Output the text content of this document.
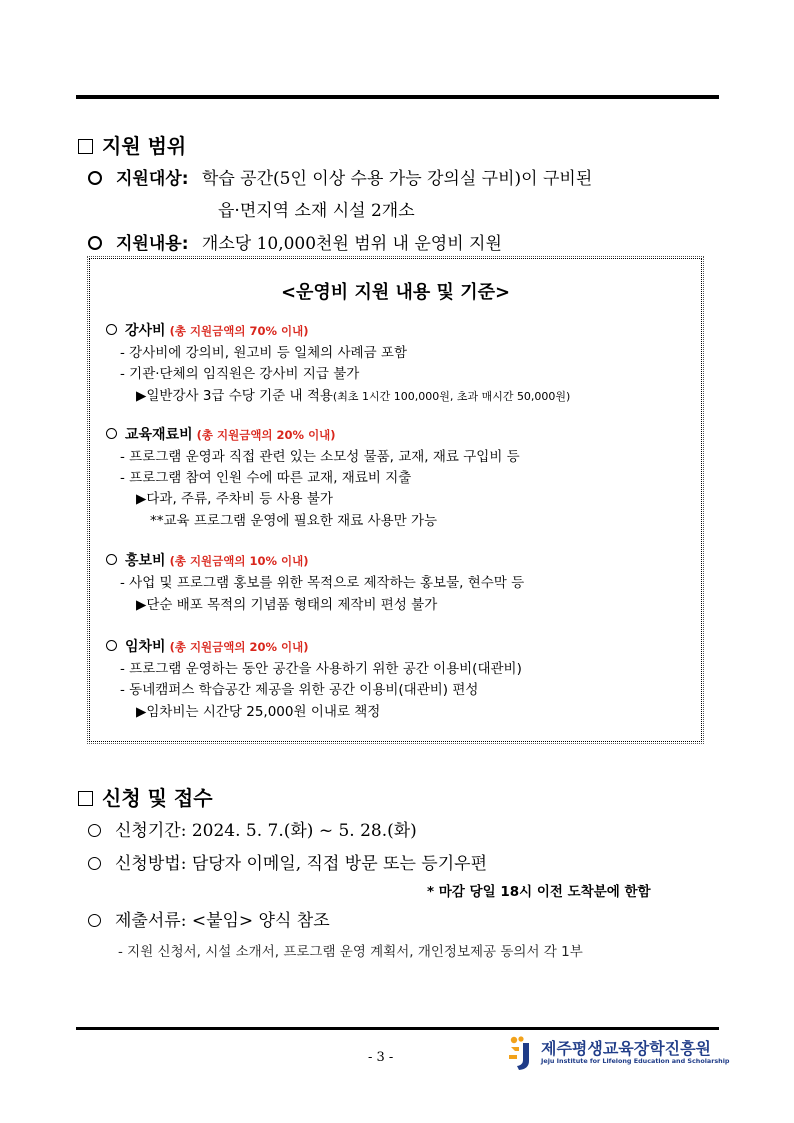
지원 범위
지원대상: 학습 공간(5인 이상 수용 가능 강의실 구비)이 구비된
읍·면지역 소재 시설 2개소
지원내용: 개소당 10,000천원 범위 내 운영비 지원
<운영비 지원 내용 및 기준>
강사비 (총 지원금액의 70% 이내)
- 강사비에 강의비, 원고비 등 일체의 사례금 포함
- 기관·단체의 임직원은 강사비 지급 불가
▶일반강사 3급 수당 기준 내 적용(최초 1시간 100,000원, 초과 매시간 50,000원)
교육재료비 (총 지원금액의 20% 이내)
- 프로그램 운영과 직접 관련 있는 소모성 물품, 교재, 재료 구입비 등
- 프로그램 참여 인원 수에 따른 교재, 재료비 지출
▶다과, 주류, 주차비 등 사용 불가
**교육 프로그램 운영에 필요한 재료 사용만 가능
홍보비 (총 지원금액의 10% 이내)
- 사업 및 프로그램 홍보를 위한 목적으로 제작하는 홍보물, 현수막 등
▶단순 배포 목적의 기념품 형태의 제작비 편성 불가
임차비 (총 지원금액의 20% 이내)
- 프로그램 운영하는 동안 공간을 사용하기 위한 공간 이용비(대관비)
- 동네캠퍼스 학습공간 제공을 위한 공간 이용비(대관비) 편성
▶임차비는 시간당 25,000원 이내로 책정
신청 및 접수
신청기간: 2024. 5. 7.(화) ~ 5. 28.(화)
신청방법: 담당자 이메일, 직접 방문 또는 등기우편
* 마감 당일 18시 이전 도착분에 한함
제출서류: <붙임> 양식 참조
- 지원 신청서, 시설 소개서, 프로그램 운영 계획서, 개인정보제공 동의서 각 1부
- 3 -	제주평생교육장학진흥원
Jeju Institute for Lifelong Education and Scholarship
